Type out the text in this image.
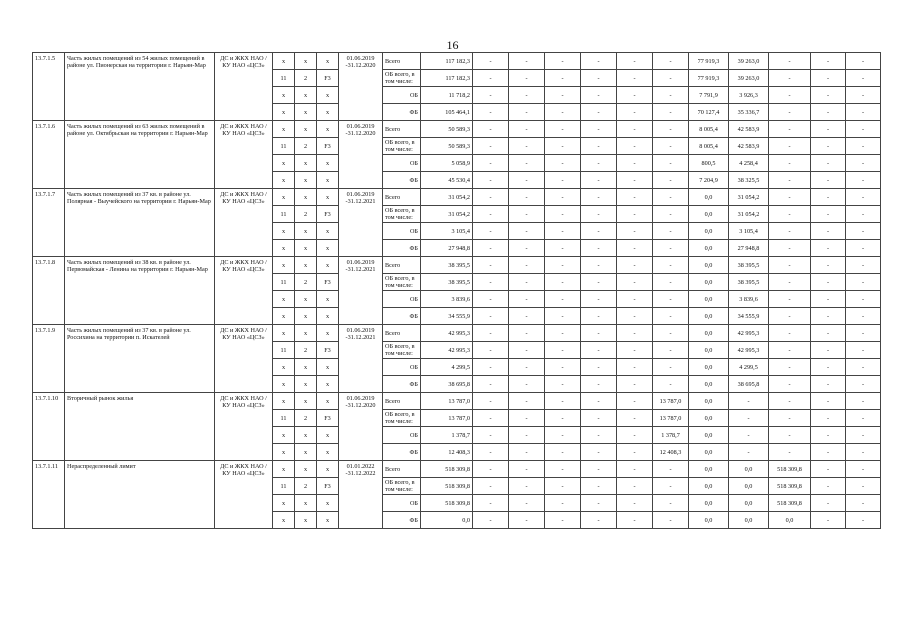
16
13.7.1.5	Часть жилых помещений из 54 жилых помещений в районе ул. Пионерская на территории г. Нарьян-Мар	ДС и ЖКХ НАО / КУ НАО «ЦСЗ»	х	х	х	01.06.2019 -31.12.2020	Всего	117 182,3	-	-	-	-	-	-	77 919,3	39 263,0	-	-	-
			11	2	F3		ОБ всего, в том числе:	117 182,3	-	-	-	-	-	-	77 919,3	39 263,0	-	-	-
			х	х	х		ОБ	11 718,2	-	-	-	-	-	-	7 791,9	3 926,3	-	-	-
			х	х	х		ФБ	105 464,1	-	-	-	-	-	-	70 127,4	35 336,7	-	-	-
13.7.1.6	Часть жилых помещений из 63 жилых помещений в районе ул. Октябрьская на территории г. Нарьян-Мар	ДС и ЖКХ НАО / КУ НАО «ЦСЗ»	х	х	х	01.06.2019 -31.12.2020	Всего	50 589,3	-	-	-	-	-	-	8 005,4	42 583,9	-	-	-
			11	2	F3		ОБ всего, в том числе:	50 589,3	-	-	-	-	-	-	8 005,4	42 583,9	-	-	-
			х	х	х		ОБ	5 058,9	-	-	-	-	-	-	800,5	4 258,4	-	-	-
			х	х	х		ФБ	45 530,4	-	-	-	-	-	-	7 204,9	38 325,5	-	-	-
13.7.1.7	Часть жилых помещений из 37 кв. в районе ул. Полярная - Выучейского на территории г. Нарьян-Мар	ДС и ЖКХ НАО / КУ НАО «ЦСЗ»	х	х	х	01.06.2019 -31.12.2021	Всего	31 054,2	-	-	-	-	-	-	0,0	31 054,2	-	-	-
			11	2	F3		ОБ всего, в том числе:	31 054,2	-	-	-	-	-	-	0,0	31 054,2	-	-	-
			х	х	х		ОБ	3 105,4	-	-	-	-	-	-	0,0	3 105,4	-	-	-
			х	х	х		ФБ	27 948,8	-	-	-	-	-	-	0,0	27 948,8	-	-	-
13.7.1.8	Часть жилых помещений из 38 кв. в районе ул. Первомайская - Ленина на территории г. Нарьян-Мар	ДС и ЖКХ НАО / КУ НАО «ЦСЗ»	х	х	х	01.06.2019 -31.12.2021	Всего	38 395,5	-	-	-	-	-	-	0,0	38 395,5	-	-	-
			11	2	F3		ОБ всего, в том числе:	38 395,5	-	-	-	-	-	-	0,0	38 395,5	-	-	-
			х	х	х		ОБ	3 839,6	-	-	-	-	-	-	0,0	3 839,6	-	-	-
			х	х	х		ФБ	34 555,9	-	-	-	-	-	-	0,0	34 555,9	-	-	-
13.7.1.9	Часть жилых помещений из 37 кв. в районе ул. Россихина на территории п. Искателей	ДС и ЖКХ НАО / КУ НАО «ЦСЗ»	х	х	х	01.06.2019 -31.12.2021	Всего	42 995,3	-	-	-	-	-	-	0,0	42 995,3	-	-	-
			11	2	F3		ОБ всего, в том числе:	42 995,3	-	-	-	-	-	-	0,0	42 995,3	-	-	-
			х	х	х		ОБ	4 299,5	-	-	-	-	-	-	0,0	4 299,5	-	-	-
			х	х	х		ФБ	38 695,8	-	-	-	-	-	-	0,0	38 695,8	-	-	-
13.7.1.10	Вторичный рынок жилья	ДС и ЖКХ НАО / КУ НАО «ЦСЗ»	х	х	х	01.06.2019 -31.12.2020	Всего	13 787,0	-	-	-	-	-	13 787,0	0,0	-	-	-	-
			11	2	F3		ОБ всего, в том числе:	13 787,0	-	-	-	-	-	13 787,0	0,0	-	-	-	-
			х	х	х		ОБ	1 378,7	-	-	-	-	-	1 378,7	0,0	-	-	-	-
			х	х	х		ФБ	12 408,3	-	-	-	-	-	12 408,3	0,0	-	-	-	-
13.7.1.11	Нераспределенный лимит	ДС и ЖКХ НАО / КУ НАО «ЦСЗ»	х	х	х	01.01.2022 -31.12.2022	Всего	518 309,8	-	-	-	-	-	-	0,0	0,0	518 309,8	-	-
			11	2	F3		ОБ всего, в том числе:	518 309,8	-	-	-	-	-	-	0,0	0,0	518 309,8	-	-
			х	х	х		ОБ	518 309,8	-	-	-	-	-	-	0,0	0,0	518 309,8	-	-
			х	х	х		ФБ	0,0	-	-	-	-	-	-	0,0	0,0	0,0	-	-
